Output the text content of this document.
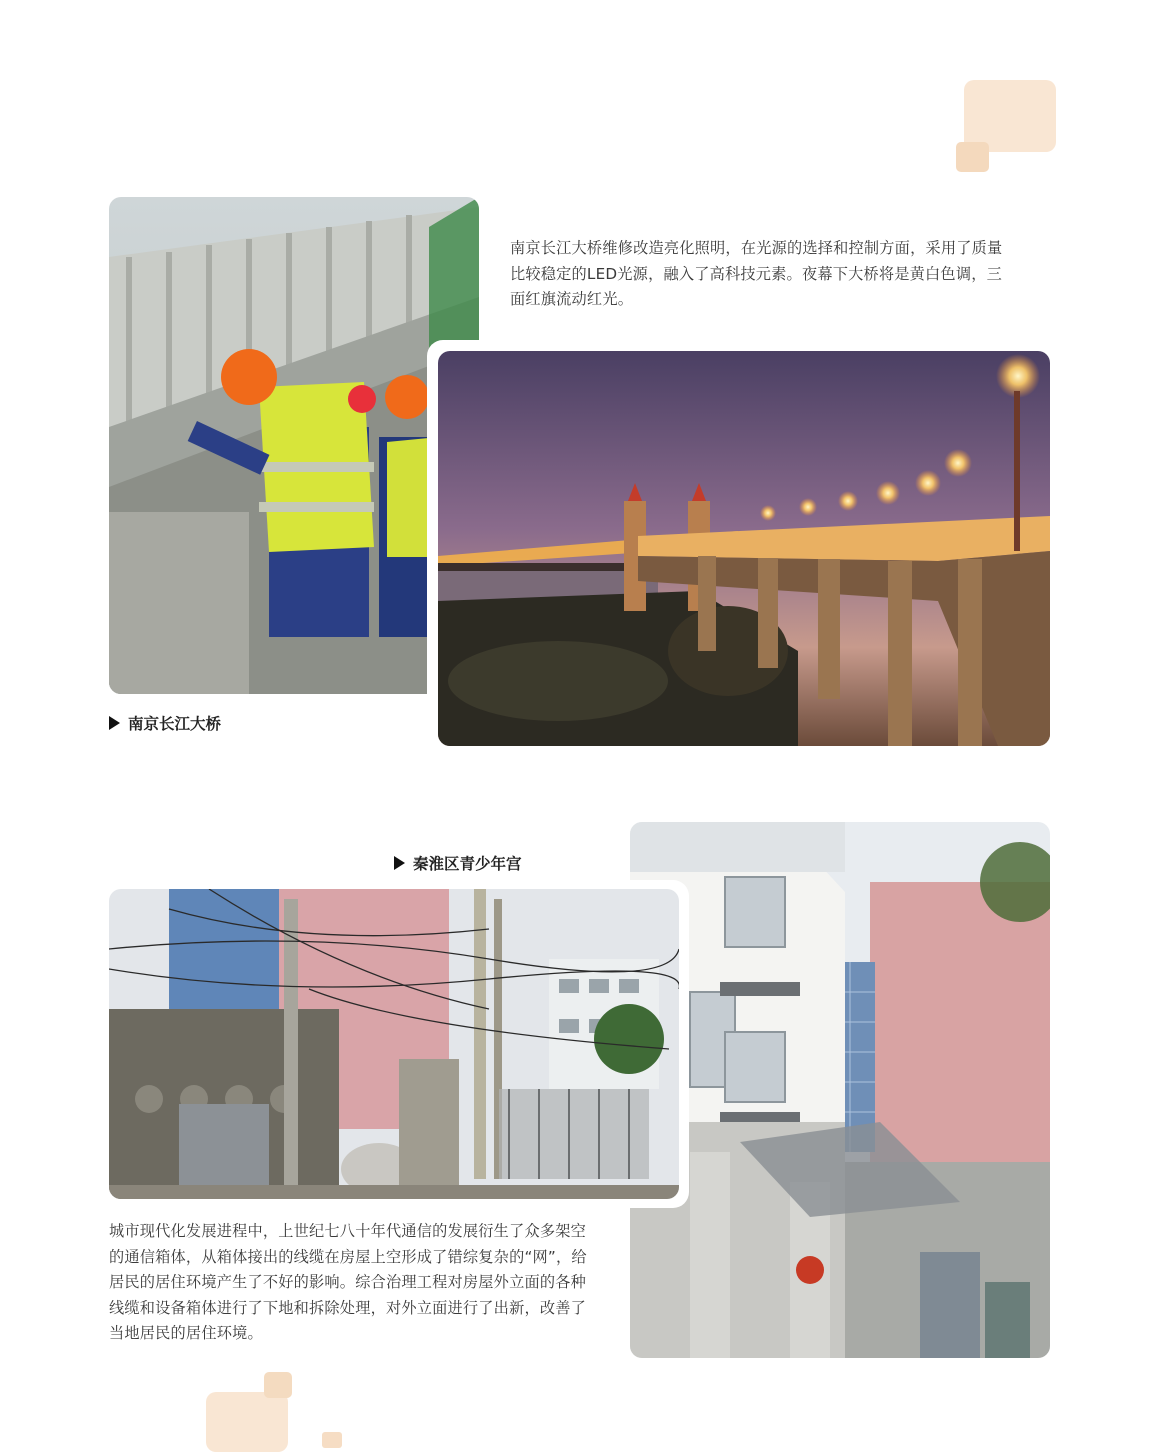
南京长江大桥维修改造亮化照明，在光源的选择和控制方面，采用了质量比较稳定的LED光源，融入了高科技元素。夜幕下大桥将是黄白色调，三面红旗流动红光。
南京长江大桥
秦淮区青少年宫
城市现代化发展进程中，上世纪七八十年代通信的发展衍生了众多架空的通信箱体，从箱体接出的线缆在房屋上空形成了错综复杂的“网”，给居民的居住环境产生了不好的影响。综合治理工程对房屋外立面的各种线缆和设备箱体进行了下地和拆除处理，对外立面进行了出新，改善了当地居民的居住环境。
